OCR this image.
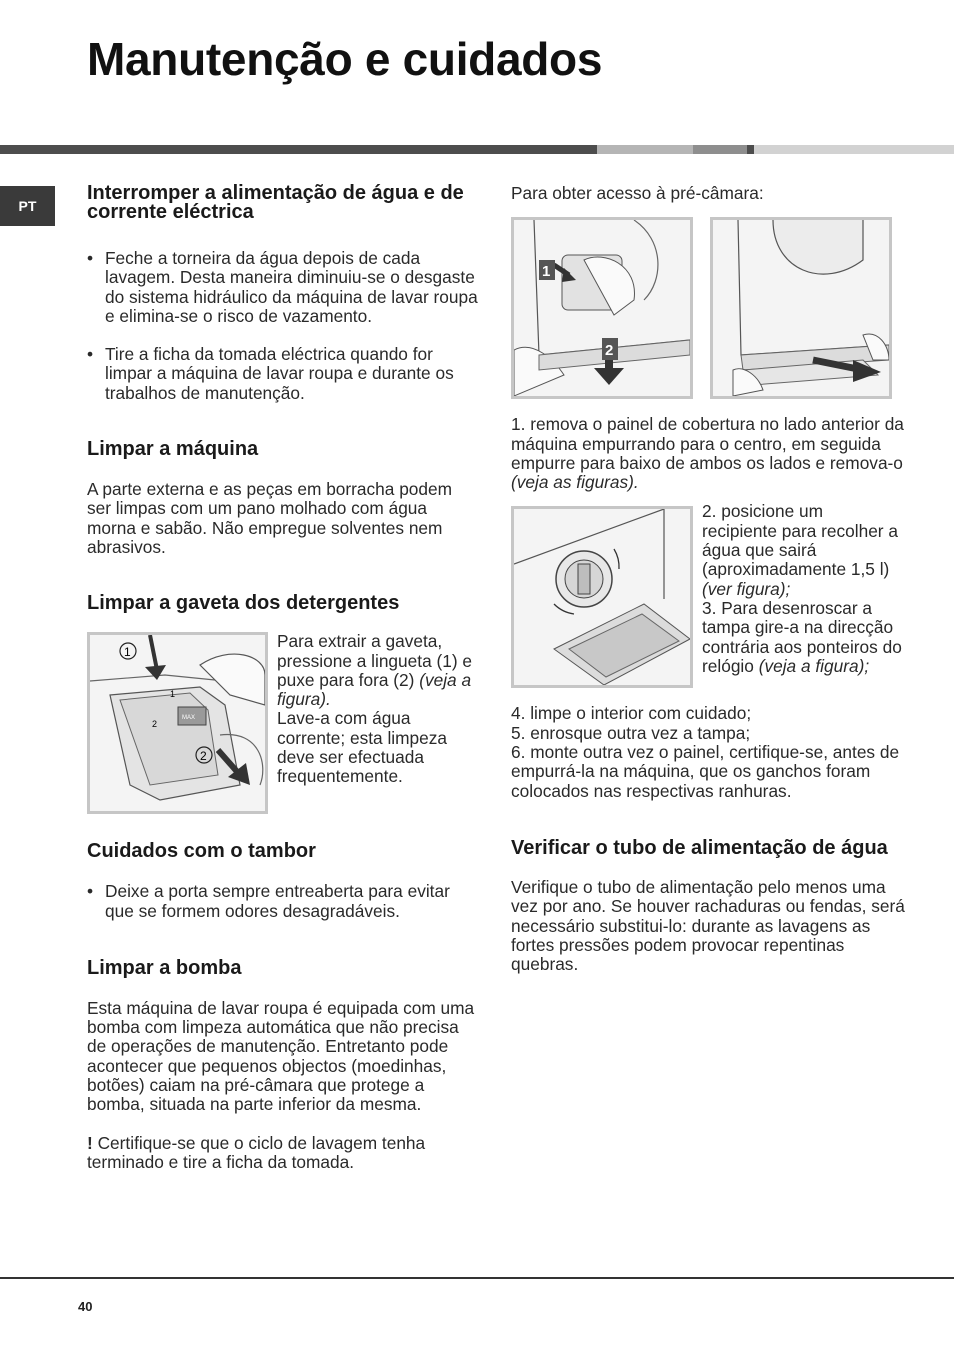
Manutenção e cuidados
PT
Interromper a alimentação de água e de corrente eléctrica
• Feche a torneira da água depois de cada lavagem. Desta maneira diminuiu-se o desgaste do sistema hidráulico da máquina de lavar roupa e elimina-se o risco de vazamento.
• Tire a ficha da tomada eléctrica quando for limpar a máquina de lavar roupa e durante os trabalhos de manutenção.
Limpar a máquina

A parte externa e as peças em borracha podem ser limpas com um pano molhado com água morna e sabão. Não empregue solventes nem abrasivos.

Limpar a gaveta dos detergentes
1
2
1
2
MAX

Para extrair a gaveta, pressione a lingueta (1) e puxe para fora (2) (veja a figura).

Lave-a com água corrente; esta limpeza deve ser efectuada frequentemente.

Cuidados com o tambor
• Deixe a porta sempre entreaberta para evitar que se formem odores desagradáveis.
Limpar a bomba

Esta máquina de lavar roupa é equipada com uma bomba com limpeza automática que não precisa de operações de manutenção. Entretanto pode acontecer que pequenos objectos (moedinhas, botões) caiam na pré-câmara que protege a bomba, situada na parte inferior da mesma.

! Certifique-se que o ciclo de lavagem tenha terminado e tire a ficha da tomada.

Para obter acesso à pré-câmara:

1
2

1. remova o painel de cobertura no lado anterior da máquina empurrando para o centro, em seguida empurre para baixo de ambos os lados e remova-o (veja as figuras).

2. posicione um recipiente para recolher a água que sairá (aproximadamente 1,5 l) (ver figura);

3. Para desenroscar a tampa gire-a na direcção contrária aos ponteiros do relógio (veja a figura);

4. limpe o interior com cuidado;

5. enrosque outra vez a tampa;

6. monte outra vez o painel, certifique-se, antes de empurrá-la na máquina, que os ganchos foram colocados nas respectivas ranhuras.

Verificar o tubo de alimentação de água

Verifique o tubo de alimentação pelo menos uma vez por ano. Se houver rachaduras ou fendas, será necessário substitui-lo: durante as lavagens as fortes pressões podem provocar repentinas quebras.

40
